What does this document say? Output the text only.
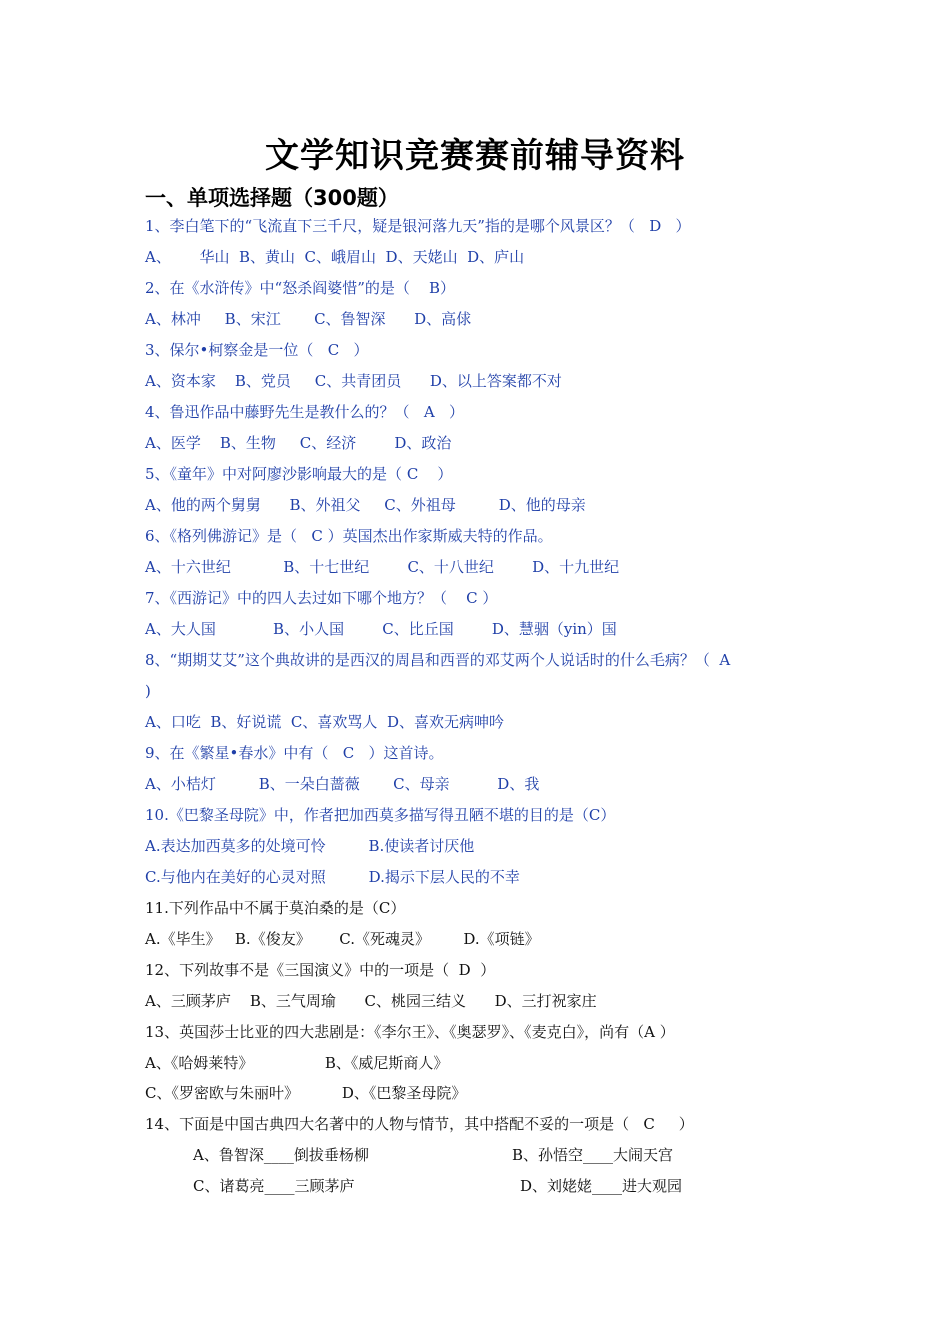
文学知识竞赛赛前辅导资料
一、单项选择题（300题）
1、李白笔下的“飞流直下三千尺，疑是银河落九天”指的是哪个风景区？（   D   ）
A、      华山  B、黄山  C、峨眉山  D、天姥山  D、庐山
2、在《水浒传》中“怒杀阎婆惜”的是（    B）
A、林冲     B、宋江       C、鲁智深      D、高俅
3、保尔•柯察金是一位（   C   ）
A、资本家    B、党员     C、共青团员      D、以上答案都不对
4、鲁迅作品中藤野先生是教什么的？（   A   ）
A、医学    B、生物     C、经济        D、政治
5、《童年》中对阿廖沙影响最大的是（ C    ）
A、他的两个舅舅      B、外祖父     C、外祖母         D、他的母亲
6、《格列佛游记》是（   C ）英国杰出作家斯威夫特的作品。
A、十六世纪           B、十七世纪        C、十八世纪        D、十九世纪
7、《西游记》中的四人去过如下哪个地方？（    C ）
A、大人国            B、小人国        C、比丘国        D、慧骃（yin）国
8、“期期艾艾”这个典故讲的是西汉的周昌和西晋的邓艾两个人说话时的什么毛病？（  A
)
A、口吃  B、好说谎  C、喜欢骂人  D、喜欢无病呻吟
9、在《繁星•春水》中有（   C   ）这首诗。
A、小桔灯         B、一朵白蔷薇       C、母亲          D、我
10.《巴黎圣母院》中，作者把加西莫多描写得丑陋不堪的目的是（C）
A.表达加西莫多的处境可怜         B.使读者讨厌他
C.与他内在美好的心灵对照         D.揭示下层人民的不幸
11.下列作品中不属于莫泊桑的是（C）
A.《毕生》   B.《俊友》      C.《死魂灵》       D.《项链》
12、下列故事不是《三国演义》中的一项是（  D  ）
A、三顾茅庐    B、三气周瑜      C、桃园三结义      D、三打祝家庄
13、英国莎士比亚的四大悲剧是：《李尔王》、《奥瑟罗》、《麦克白》，尚有（A ）
A、《哈姆莱特》               B、《威尼斯商人》
C、《罗密欧与朱丽叶》         D、《巴黎圣母院》
14、下面是中国古典四大名著中的人物与情节，其中搭配不妥的一项是（   C     ）
A、鲁智深____倒拔垂杨柳	B、孙悟空____大闹天宫
C、诸葛亮____三顾茅庐	D、刘姥姥____进大观园
